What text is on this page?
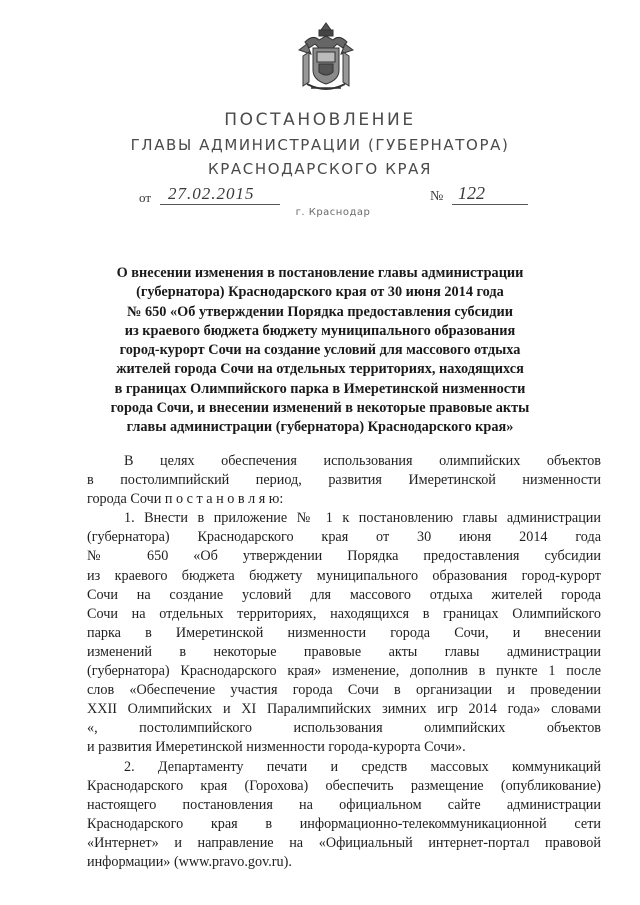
ПОСТАНОВЛЕНИЕ
ГЛАВЫ АДМИНИСТРАЦИИ (ГУБЕРНАТОРА)
КРАСНОДАРСКОГО КРАЯ
от 27.02.2015	№ 122
г. Краснодар
О внесении изменения в постановление главы администрации
(губернатора) Краснодарского края от 30 июня 2014 года
№ 650 «Об утверждении Порядка предоставления субсидии
из краевого бюджета бюджету муниципального образования
город-курорт Сочи на создание условий для массового отдыха
жителей города Сочи на отдельных территориях, находящихся
в границах Олимпийского парка в Имеретинской низменности
города Сочи, и внесении изменений в некоторые правовые акты
главы администрации (губернатора) Краснодарского края»
В целях обеспечения использования олимпийских объектов
в постолимпийский период, развития Имеретинской низменности
города Сочи п о с т а н о в л я ю:
1. Внести в приложение № 1 к постановлению главы администрации
(губернатора) Краснодарского края от 30 июня 2014 года
№ 650 «Об утверждении Порядка предоставления субсидии
из краевого бюджета бюджету муниципального образования город-курорт
Сочи на создание условий для массового отдыха жителей города
Сочи на отдельных территориях, находящихся в границах Олимпийского
парка в Имеретинской низменности города Сочи, и внесении
изменений в некоторые правовые акты главы администрации
(губернатора) Краснодарского края» изменение, дополнив в пункте 1 после
слов «Обеспечение участия города Сочи в организации и проведении
XXII Олимпийских и XI Паралимпийских зимних игр 2014 года» словами
«, постолимпийского использования олимпийских объектов
и развития Имеретинской низменности города-курорта Сочи».
2. Департаменту печати и средств массовых коммуникаций
Краснодарского края (Горохова) обеспечить размещение (опубликование)
настоящего постановления на официальном сайте администрации
Краснодарского края в информационно-телекоммуникационной сети
«Интернет» и направление на «Официальный интернет-портал правовой
информации» (www.pravo.gov.ru).
